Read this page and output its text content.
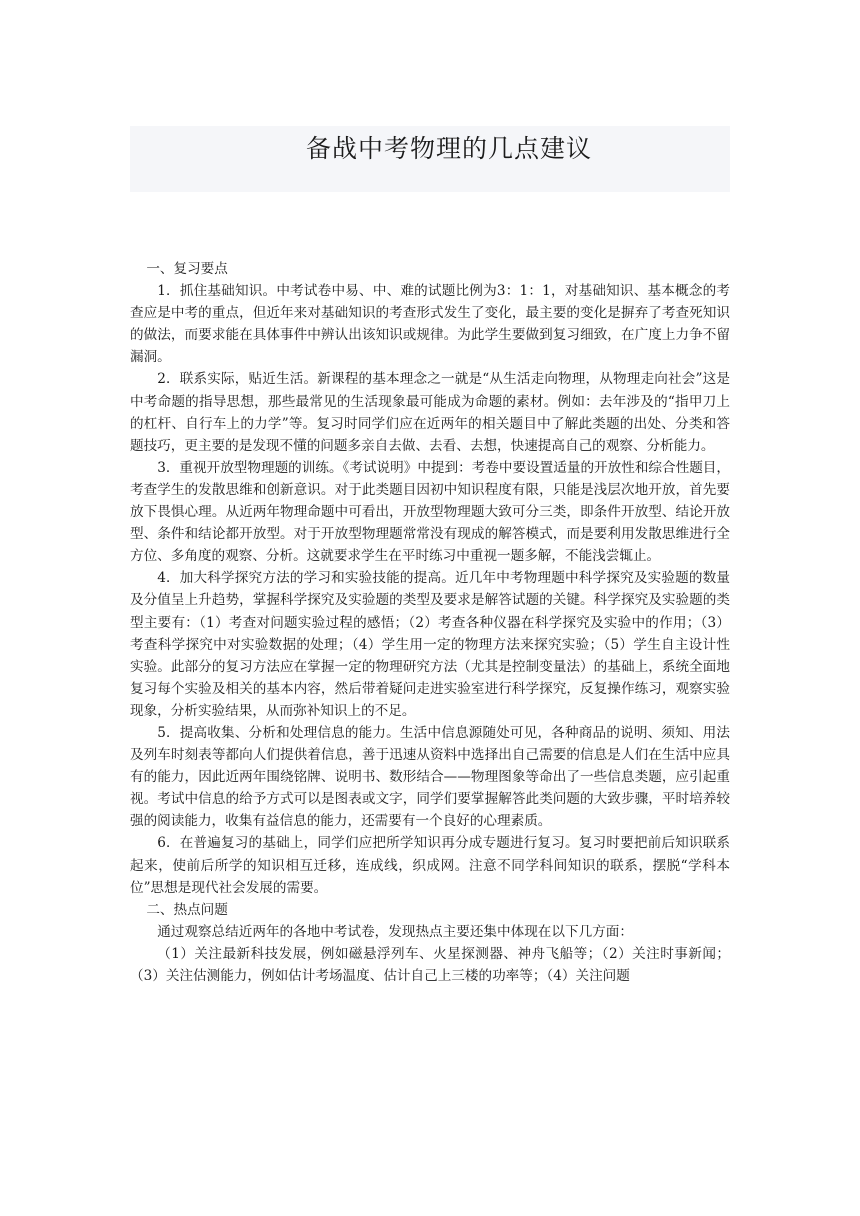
备战中考物理的几点建议

一、复习要点

1．抓住基础知识。中考试卷中易、中、难的试题比例为3：1：1，对基础知识、基本概念的考查应是中考的重点，但近年来对基础知识的考查形式发生了变化，最主要的变化是摒弃了考查死知识的做法，而要求能在具体事件中辨认出该知识或规律。为此学生要做到复习细致，在广度上力争不留漏洞。

2．联系实际，贴近生活。新课程的基本理念之一就是“从生活走向物理，从物理走向社会”这是中考命题的指导思想，那些最常见的生活现象最可能成为命题的素材。例如：去年涉及的“指甲刀上的杠杆、自行车上的力学”等。复习时同学们应在近两年的相关题目中了解此类题的出处、分类和答题技巧，更主要的是发现不懂的问题多亲自去做、去看、去想，快速提高自己的观察、分析能力。

3．重视开放型物理题的训练。《考试说明》中提到：考卷中要设置适量的开放性和综合性题目，考查学生的发散思维和创新意识。对于此类题目因初中知识程度有限，只能是浅层次地开放，首先要放下畏惧心理。从近两年物理命题中可看出，开放型物理题大致可分三类，即条件开放型、结论开放型、条件和结论都开放型。对于开放型物理题常常没有现成的解答模式，而是要利用发散思维进行全方位、多角度的观察、分析。这就要求学生在平时练习中重视一题多解，不能浅尝辄止。

4．加大科学探究方法的学习和实验技能的提高。近几年中考物理题中科学探究及实验题的数量及分值呈上升趋势，掌握科学探究及实验题的类型及要求是解答试题的关键。科学探究及实验题的类型主要有：（1）考查对问题实验过程的感悟；（2）考查各种仪器在科学探究及实验中的作用；（3）考查科学探究中对实验数据的处理；（4）学生用一定的物理方法来探究实验；（5）学生自主设计性实验。此部分的复习方法应在掌握一定的物理研究方法（尤其是控制变量法）的基础上，系统全面地复习每个实验及相关的基本内容，然后带着疑问走进实验室进行科学探究，反复操作练习，观察实验现象，分析实验结果，从而弥补知识上的不足。

5．提高收集、分析和处理信息的能力。生活中信息源随处可见，各种商品的说明、须知、用法及列车时刻表等都向人们提供着信息，善于迅速从资料中选择出自己需要的信息是人们在生活中应具有的能力，因此近两年围绕铭牌、说明书、数形结合——物理图象等命出了一些信息类题，应引起重视。考试中信息的给予方式可以是图表或文字，同学们要掌握解答此类问题的大致步骤，平时培养较强的阅读能力，收集有益信息的能力，还需要有一个良好的心理素质。

6．在普遍复习的基础上，同学们应把所学知识再分成专题进行复习。复习时要把前后知识联系起来，使前后所学的知识相互迁移，连成线，织成网。注意不同学科间知识的联系，摆脱“学科本位”思想是现代社会发展的需要。

二、热点问题

通过观察总结近两年的各地中考试卷，发现热点主要还集中体现在以下几方面：

（1）关注最新科技发展，例如磁悬浮列车、火星探测器、神舟飞船等；（2）关注时事新闻；（3）关注估测能力，例如估计考场温度、估计自己上三楼的功率等；（4）关注问题
